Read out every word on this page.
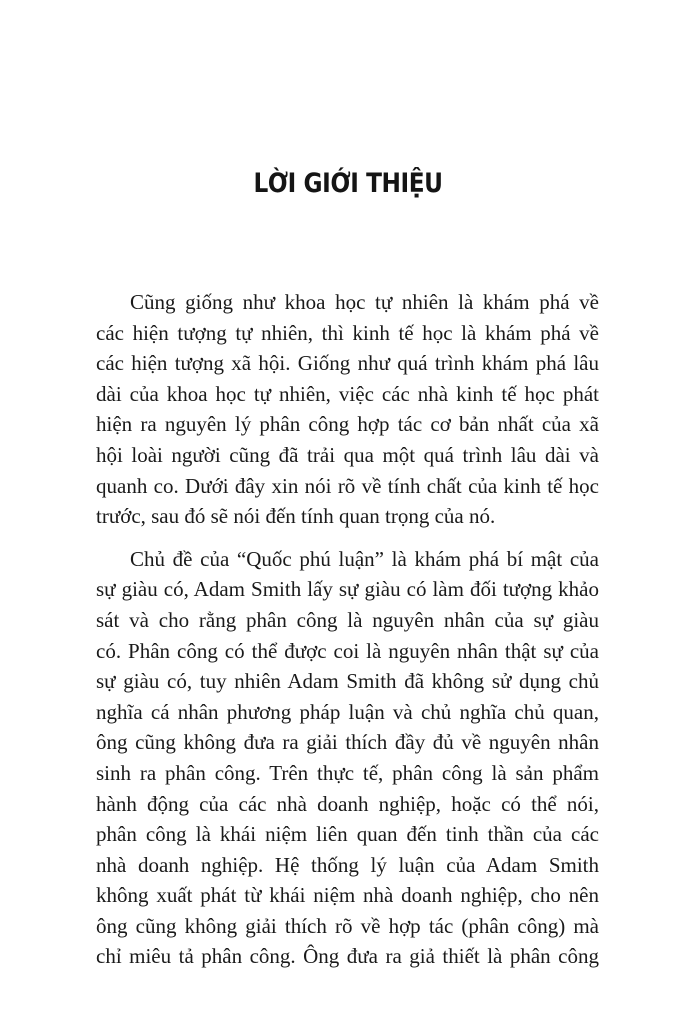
LỜI GIỚI THIỆU
Cũng giống như khoa học tự nhiên là khám phá về
các hiện tượng tự nhiên, thì kinh tế học là khám phá về
các hiện tượng xã hội. Giống như quá trình khám phá lâu
dài của khoa học tự nhiên, việc các nhà kinh tế học phát
hiện ra nguyên lý phân công hợp tác cơ bản nhất của xã
hội loài người cũng đã trải qua một quá trình lâu dài và
quanh co. Dưới đây xin nói rõ về tính chất của kinh tế học
trước, sau đó sẽ nói đến tính quan trọng của nó.
Chủ đề của “Quốc phú luận” là khám phá bí mật của
sự giàu có, Adam Smith lấy sự giàu có làm đối tượng khảo
sát và cho rằng phân công là nguyên nhân của sự giàu
có. Phân công có thể được coi là nguyên nhân thật sự của
sự giàu có, tuy nhiên Adam Smith đã không sử dụng chủ
nghĩa cá nhân phương pháp luận và chủ nghĩa chủ quan,
ông cũng không đưa ra giải thích đầy đủ về nguyên nhân
sinh ra phân công. Trên thực tế, phân công là sản phẩm
hành động của các nhà doanh nghiệp, hoặc có thể nói,
phân công là khái niệm liên quan đến tinh thần của các
nhà doanh nghiệp. Hệ thống lý luận của Adam Smith
không xuất phát từ khái niệm nhà doanh nghiệp, cho nên
ông cũng không giải thích rõ về hợp tác (phân công) mà
chỉ miêu tả phân công. Ông đưa ra giả thiết là phân công
